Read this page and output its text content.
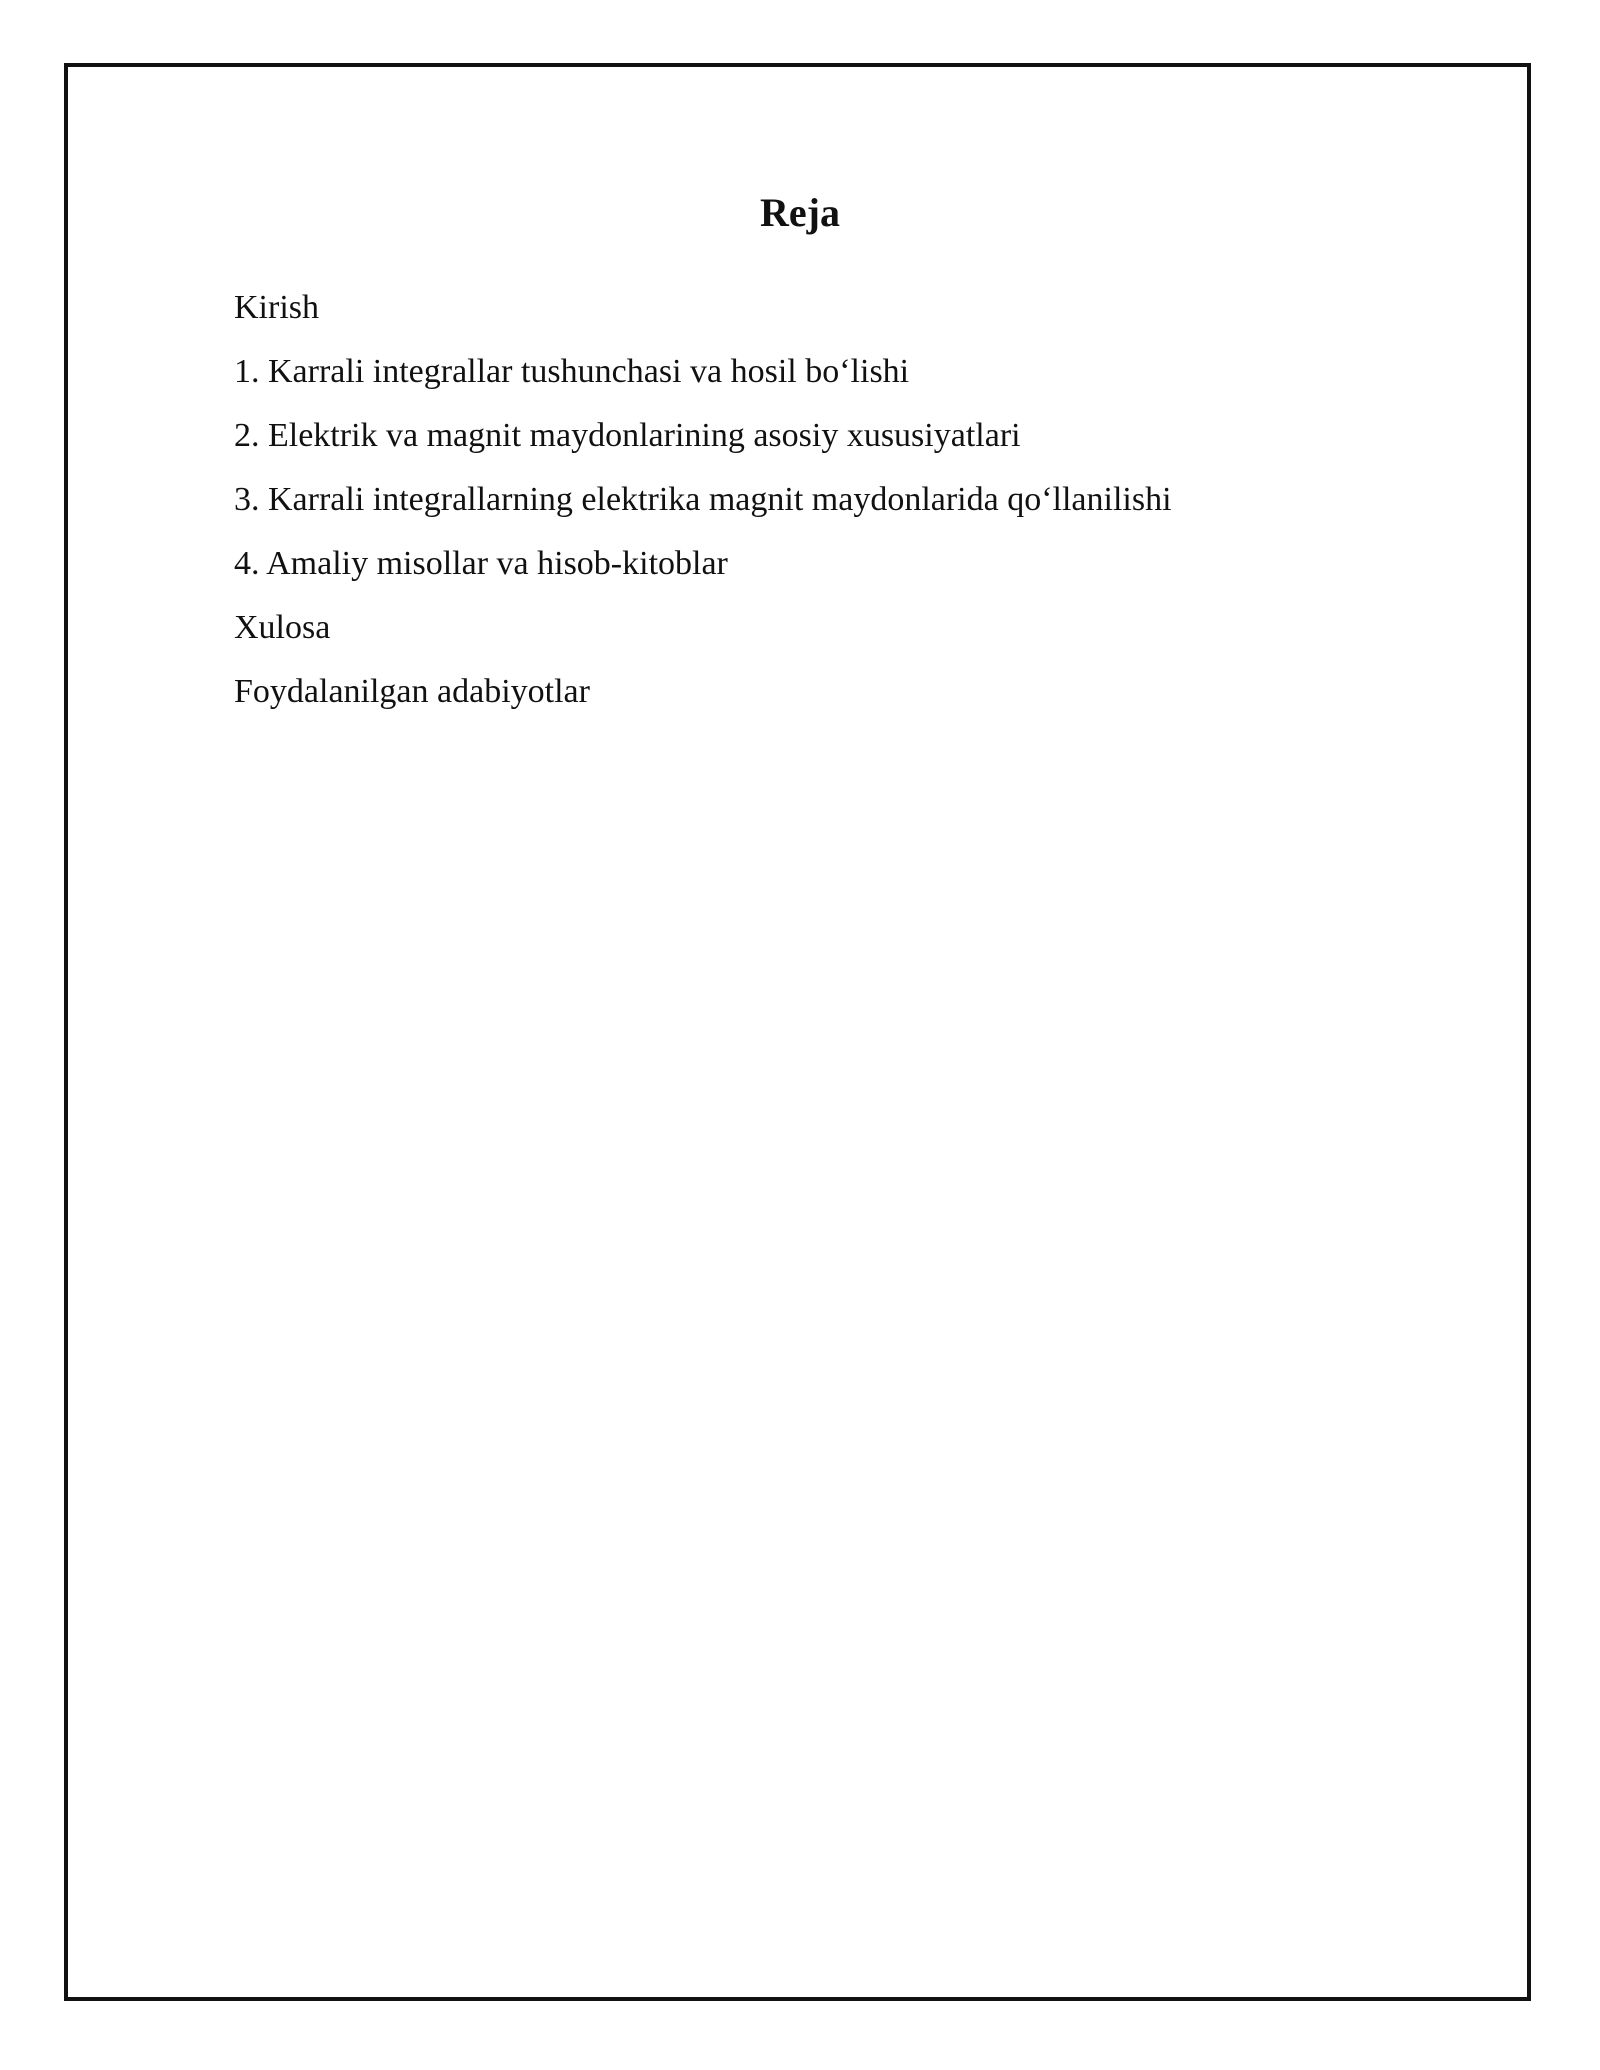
Reja
Kirish
1. Karrali integrallar tushunchasi va hosil bo‘lishi
2. Elektrik va magnit maydonlarining asosiy xususiyatlari
3. Karrali integrallarning elektrika magnit maydonlarida qo‘llanilishi
4. Amaliy misollar va hisob-kitoblar
Xulosa
Foydalanilgan adabiyotlar
